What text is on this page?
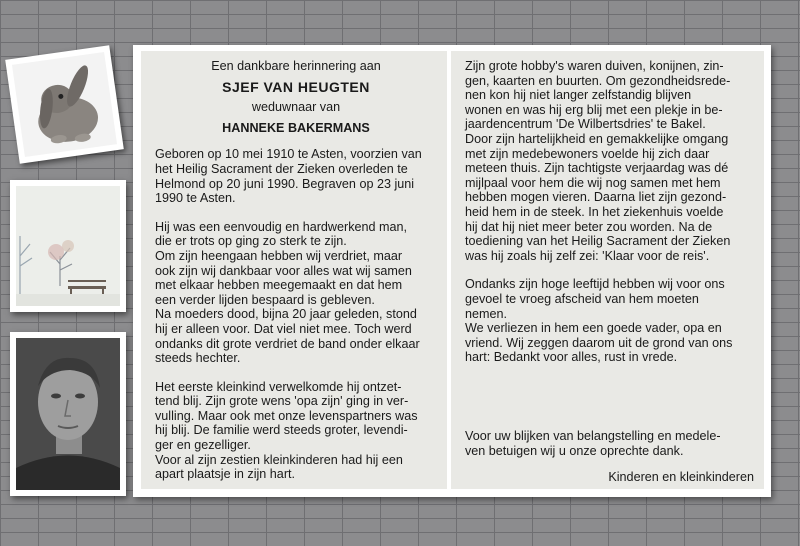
Een dankbare herinnering aan

SJEF VAN HEUGTEN

weduwnaar van

HANNEKE BAKERMANS

Geboren op 10 mei 1910 te Asten, voorzien van

het Heilig Sacrament der Zieken overleden te

Helmond op 20 juni 1990. Begraven op 23 juni

1990 te Asten.

Hij was een eenvoudig en hardwerkend man,

die er trots op ging zo sterk te zijn.

Om zijn heengaan hebben wij verdriet, maar

ook zijn wij dankbaar voor alles wat wij samen

met elkaar hebben meegemaakt en dat hem

een verder lijden bespaard is gebleven.

Na moeders dood, bijna 20 jaar geleden, stond

hij er alleen voor. Dat viel niet mee. Toch werd

ondanks dit grote verdriet de band onder elkaar

steeds hechter.

Het eerste kleinkind verwelkomde hij ontzet-

tend blij. Zijn grote wens 'opa zijn' ging in ver-

vulling. Maar ook met onze levenspartners was

hij blij. De familie werd steeds groter, levendi-

ger en gezelliger.

Voor al zijn zestien kleinkinderen had hij een

apart plaatsje in zijn hart.

Zijn grote hobby's waren duiven, konijnen, zin-

gen, kaarten en buurten. Om gezondheidsrede-

nen kon hij niet langer zelfstandig blijven

wonen en was hij erg blij met een plekje in be-

jaardencentrum 'De Wilbertsdries' te Bakel.

Door zijn hartelijkheid en gemakkelijke omgang

met zijn medebewoners voelde hij zich daar

meteen thuis. Zijn tachtigste verjaardag was dé

mijlpaal voor hem die wij nog samen met hem

hebben mogen vieren. Daarna liet zijn gezond-

heid hem in de steek. In het ziekenhuis voelde

hij dat hij niet meer beter zou worden. Na de

toediening van het Heilig Sacrament der Zieken

was hij zoals hij zelf zei: 'Klaar voor de reis'.

Ondanks zijn hoge leeftijd hebben wij voor ons

gevoel te vroeg afscheid van hem moeten

nemen.

We verliezen in hem een goede vader, opa en

vriend. Wij zeggen daarom uit de grond van ons

hart: Bedankt voor alles, rust in vrede.

Voor uw blijken van belangstelling en medele-

ven betuigen wij u onze oprechte dank.

Kinderen en kleinkinderen
